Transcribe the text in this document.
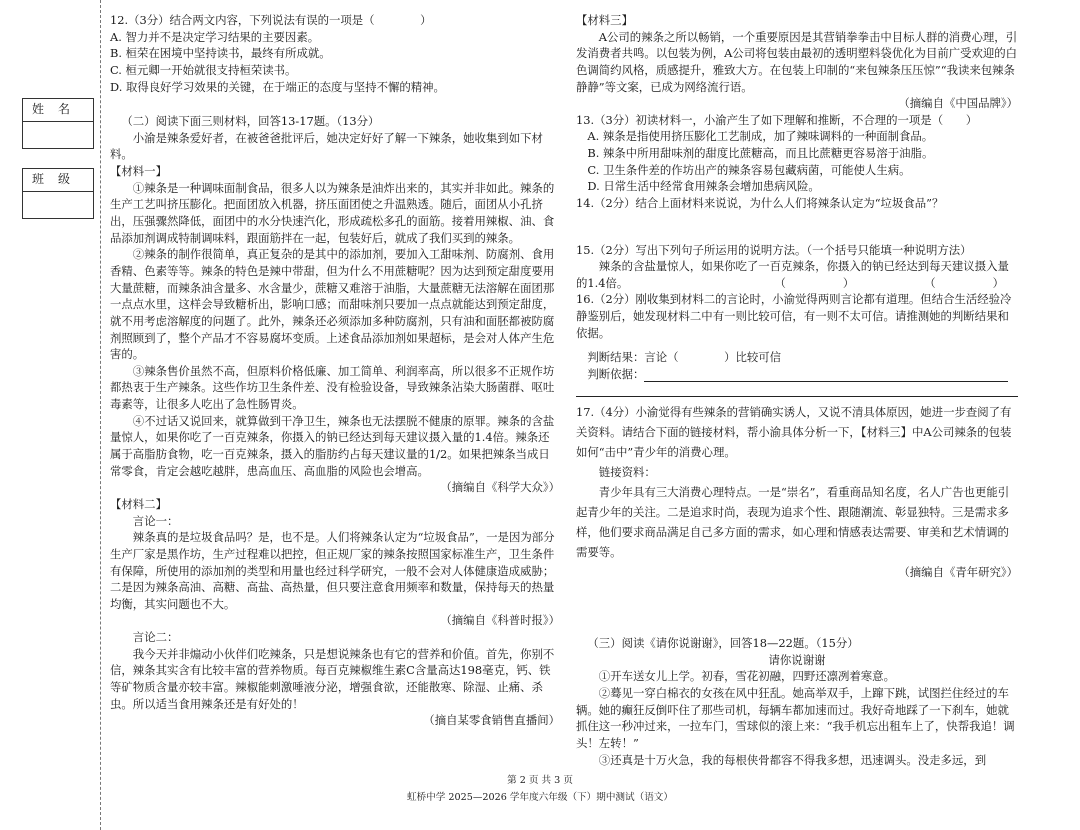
姓名
班级

12.（3分）结合两文内容，下列说法有误的一项是（　　　　）

A. 智力并不是决定学习结果的主要因素。

B. 桓荣在困境中坚持读书，最终有所成就。

C. 桓元卿一开始就很支持桓荣读书。

D. 取得良好学习效果的关键，在于端正的态度与坚持不懈的精神。

（二）阅读下面三则材料，回答13-17题。（13分）

小渝是辣条爱好者，在被爸爸批评后，她决定好好了解一下辣条，她收集到如下材料。

【材料一】

①辣条是一种调味面制食品，很多人以为辣条是油炸出来的，其实并非如此。辣条的生产工艺叫挤压膨化。把面团放入机器，挤压面团使之升温熟透。随后，面团从小孔挤出，压强骤然降低，面团中的水分快速汽化，形成疏松多孔的面筋。接着用辣椒、油、食品添加剂调成特制调味料，跟面筋拌在一起，包装好后，就成了我们买到的辣条。

②辣条的制作很简单，真正复杂的是其中的添加剂，要加入工甜味剂、防腐剂、食用香精、色素等等。辣条的特色是辣中带甜，但为什么不用蔗糖呢？因为达到预定甜度要用大量蔗糖，而辣条油含量多、水含量少，蔗糖又难溶于油脂，大量蔗糖无法溶解在面团那一点点水里，这样会导致糖析出，影响口感；而甜味剂只要加一点点就能达到预定甜度，就不用考虑溶解度的问题了。此外，辣条还必须添加多种防腐剂，只有油和面胚都被防腐剂照顾到了，整个产品才不容易腐坏变质。上述食品添加剂如果超标，是会对人体产生危害的。

③辣条售价虽然不高，但原料价格低廉、加工简单、利润率高，所以很多不正规作坊都热衷于生产辣条。这些作坊卫生条件差、没有检验设备，导致辣条沾染大肠菌群、呕吐毒素等，让很多人吃出了急性肠胃炎。

④不过话又说回来，就算做到干净卫生，辣条也无法摆脱不健康的原罪。辣条的含盐量惊人，如果你吃了一百克辣条，你摄入的钠已经达到每天建议摄入量的1.4倍。辣条还属于高脂肪食物，吃一百克辣条，摄入的脂肪约占每天建议量的1/2。如果把辣条当成日常零食，肯定会越吃越胖，患高血压、高血脂的风险也会增高。

（摘编自《科学大众》）

【材料二】

言论一：

辣条真的是垃圾食品吗？是，也不是。人们将辣条认定为“垃圾食品”，一是因为部分生产厂家是黑作坊，生产过程难以把控，但正规厂家的辣条按照国家标准生产，卫生条件有保障，所使用的添加剂的类型和用量也经过科学研究，一般不会对人体健康造成威胁；二是因为辣条高油、高糖、高盐、高热量，但只要注意食用频率和数量，保持每天的热量均衡，其实问题也不大。

（摘编自《科普时报》）

言论二：

我今天并非煽动小伙伴们吃辣条，只是想说辣条也有它的营养和价值。首先，你别不信，辣条其实含有比较丰富的营养物质。每百克辣椒维生素C含量高达198毫克，钙、铁等矿物质含量亦较丰富。辣椒能刺激唾液分泌，增强食欲，还能散寒、除湿、止痛、杀虫。所以适当食用辣条还是有好处的！

（摘自某零食销售直播间）

【材料三】

A公司的辣条之所以畅销，一个重要原因是其营销拳拳击中目标人群的消费心理，引发消费者共鸣。以包装为例，A公司将包装由最初的透明塑料袋优化为目前广受欢迎的白色调简约风格，质感提升，雅致大方。在包装上印制的“来包辣条压压惊”“我读来包辣条静静”等文案，已成为网络流行语。

（摘编自《中国品牌》）

13.（3分）初读材料一，小渝产生了如下理解和推断，不合理的一项是（　　）

A. 辣条是指使用挤压膨化工艺制成，加了辣味调料的一种面制食品。

B. 辣条中所用甜味剂的甜度比蔗糖高，而且比蔗糖更容易溶于油脂。

C. 卫生条件差的作坊出产的辣条容易包藏病菌，可能使人生病。

D. 日常生活中经常食用辣条会增加患病风险。

14.（2分）结合上面材料来说说，为什么人们将辣条认定为“垃圾食品”？

15.（2分）写出下列句子所运用的说明方法。（一个括号只能填一种说明方法）

辣条的含盐量惊人，如果你吃了一百克辣条，你摄入的钠已经达到每天建议摄入量的1.4倍。	（　　　　　）	（　　　　　）

16.（2分）刚收集到材料二的言论时，小渝觉得两则言论都有道理。但结合生活经验冷静鉴别后，她发现材料二中有一则比较可信，有一则不太可信。请推测她的判断结果和依据。

判断结果：言论（　　　　）比较可信

判断依据：

17.（4分）小渝觉得有些辣条的营销确实诱人，又说不清具体原因，她进一步查阅了有关资料。请结合下面的链接材料，帮小渝具体分析一下，【材料三】中A公司辣条的包装如何“击中”青少年的消费心理。

链接资料：

青少年具有三大消费心理特点。一是“崇名”，看重商品知名度，名人广告也更能引起青少年的关注。二是追求时尚，表现为追求个性、跟随潮流、彰显独特。三是需求多样，他们要求商品满足自己多方面的需求，如心理和情感表达需要、审美和艺术情调的需要等。

（摘编自《青年研究》）

（三）阅读《请你说谢谢》，回答18—22题。（15分）

请你说谢谢

①开车送女儿上学。初春，雪花初融，四野还凛冽着寒意。

②蓦见一穿白棉衣的女孩在风中狂乱。她高举双手，上蹿下跳，试图拦住经过的车辆。她的癫狂反倒吓住了那些司机，每辆车都加速而过。我好奇地踩了一下刹车，她就抓住这一秒冲过来，一拉车门，雪球似的滚上来：“我手机忘出租车上了，快帮我追！调头！左转！”

③还真是十万火急，我的每根侠骨都容不得我多想，迅速调头。没走多远，到

第 2 页 共 3 页
虹桥中学 2025—2026 学年度六年级（下）期中测试（语文）
